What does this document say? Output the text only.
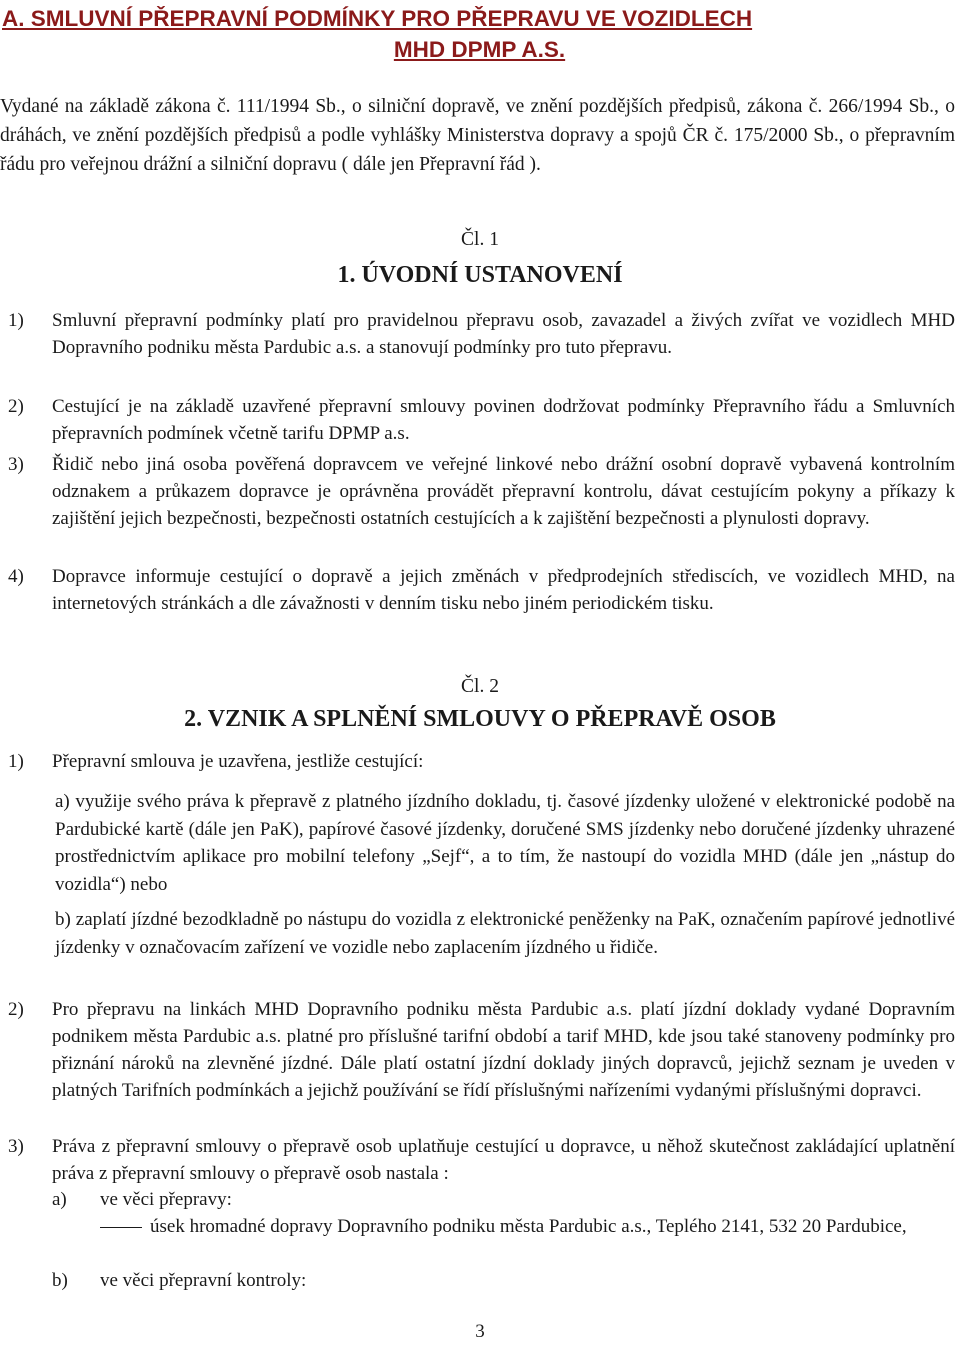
A. SMLUVNÍ PŘEPRAVNÍ PODMÍNKY PRO PŘEPRAVU VE VOZIDLECH
MHD DPMP A.S.
Vydané na základě zákona č. 111/1994 Sb., o silniční dopravě, ve znění pozdějších předpisů, zákona č. 266/1994 Sb., o dráhách, ve znění pozdějších předpisů a podle vyhlášky Ministerstva dopravy a spojů ČR č. 175/2000 Sb., o přepravním řádu pro veřejnou drážní a silniční dopravu ( dále jen Přepravní řád ).
Čl. 1
1. ÚVODNÍ USTANOVENÍ
1) Smluvní přepravní podmínky platí pro pravidelnou přepravu osob, zavazadel a živých zvířat ve vozidlech MHD Dopravního podniku města Pardubic a.s. a stanovují podmínky pro tuto přepravu.
2) Cestující je na základě uzavřené přepravní smlouvy povinen dodržovat podmínky Přepravního řádu a Smluvních přepravních podmínek včetně tarifu DPMP a.s.
3) Řidič nebo jiná osoba pověřená dopravcem ve veřejné linkové nebo drážní osobní dopravě vybavená kontrolním odznakem a průkazem dopravce je oprávněna provádět přepravní kontrolu, dávat cestujícím pokyny a příkazy k zajištění jejich bezpečnosti, bezpečnosti ostatních cestujících a k zajištění bezpečnosti a plynulosti dopravy.
4) Dopravce informuje cestující o dopravě a jejich změnách v předprodejních střediscích, ve vozidlech MHD, na internetových stránkách a dle závažnosti v denním tisku nebo jiném periodickém tisku.
Čl. 2
2. VZNIK A SPLNĚNÍ SMLOUVY O PŘEPRAVĚ OSOB
1) Přepravní smlouva je uzavřena, jestliže cestující:
a) využije svého práva k přepravě z platného jízdního dokladu, tj. časové jízdenky uložené v elektronické podobě na Pardubické kartě (dále jen PaK), papírové časové jízdenky, doručené SMS jízdenky nebo doručené jízdenky uhrazené prostřednictvím aplikace pro mobilní telefony „Sejf“, a to tím, že nastoupí do vozidla MHD (dále jen „nástup do vozidla“) nebo
b) zaplatí jízdné bezodkladně po nástupu do vozidla z elektronické peněženky na PaK, označením papírové jednotlivé jízdenky v označovacím zařízení ve vozidle nebo zaplacením jízdného u řidiče.
2) Pro přepravu na linkách MHD Dopravního podniku města Pardubic a.s. platí jízdní doklady vydané Dopravním podnikem města Pardubic a.s. platné pro příslušné tarifní období a tarif MHD, kde jsou také stanoveny podmínky pro přiznání nároků na zlevněné jízdné. Dále platí ostatní jízdní doklady jiných dopravců, jejichž seznam je uveden v platných Tarifních podmínkách a jejichž používání se řídí příslušnými nařízeními vydanými příslušnými dopravci.
3) Práva z přepravní smlouvy o přepravě osob uplatňuje cestující u dopravce, u něhož skutečnost zakládající uplatnění práva z přepravní smlouvy o přepravě osob nastala :
a) ve věci přepravy:
úsek hromadné dopravy Dopravního podniku města Pardubic a.s., Teplého 2141, 532 20 Pardubice,
b) ve věci přepravní kontroly:
3
